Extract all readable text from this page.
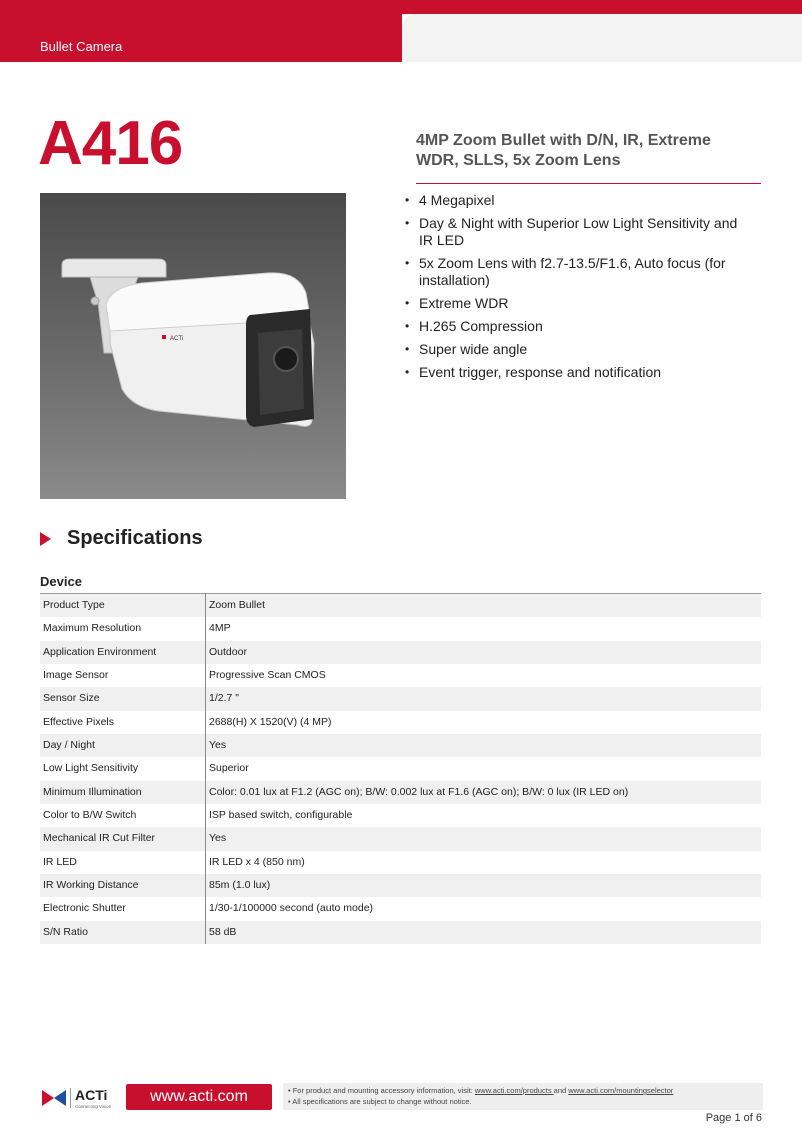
Bullet Camera
A416	4MP Zoom Bullet with D/N, IR, Extreme
WDR, SLLS, 5x Zoom Lens
ACTi
• 4 Megapixel
• Day & Night with Superior Low Light Sensitivity and IR LED
• 5x Zoom Lens with f2.7-13.5/F1.6, Auto focus (for installation)
• Extreme WDR
• H.265 Compression
• Super wide angle
• Event trigger, response and notification
Specifications
Device
Product Type	Zoom Bullet
Maximum Resolution	4MP
Application Environment	Outdoor
Image Sensor	Progressive Scan CMOS
Sensor Size	1/2.7 "
Effective Pixels	2688(H) X 1520(V) (4 MP)
Day / Night	Yes
Low Light Sensitivity	Superior
Minimum Illumination	Color: 0.01 lux at F1.2 (AGC on); B/W: 0.002 lux at F1.6 (AGC on); B/W: 0 lux (IR LED on)
Color to B/W Switch	ISP based switch, configurable
Mechanical IR Cut Filter	Yes
IR LED	IR LED x 4 (850 nm)
IR Working Distance	85m (1.0 lux)
Electronic Shutter	1/30-1/100000 second (auto mode)
S/N Ratio	58 dB
ACTi
Connecting Vision
www.acti.com	• For product and mounting accessory information, visit: www.acti.com/products and www.acti.com/mountingselector
• All specifications are subject to change without notice.
Page 1 of 6
